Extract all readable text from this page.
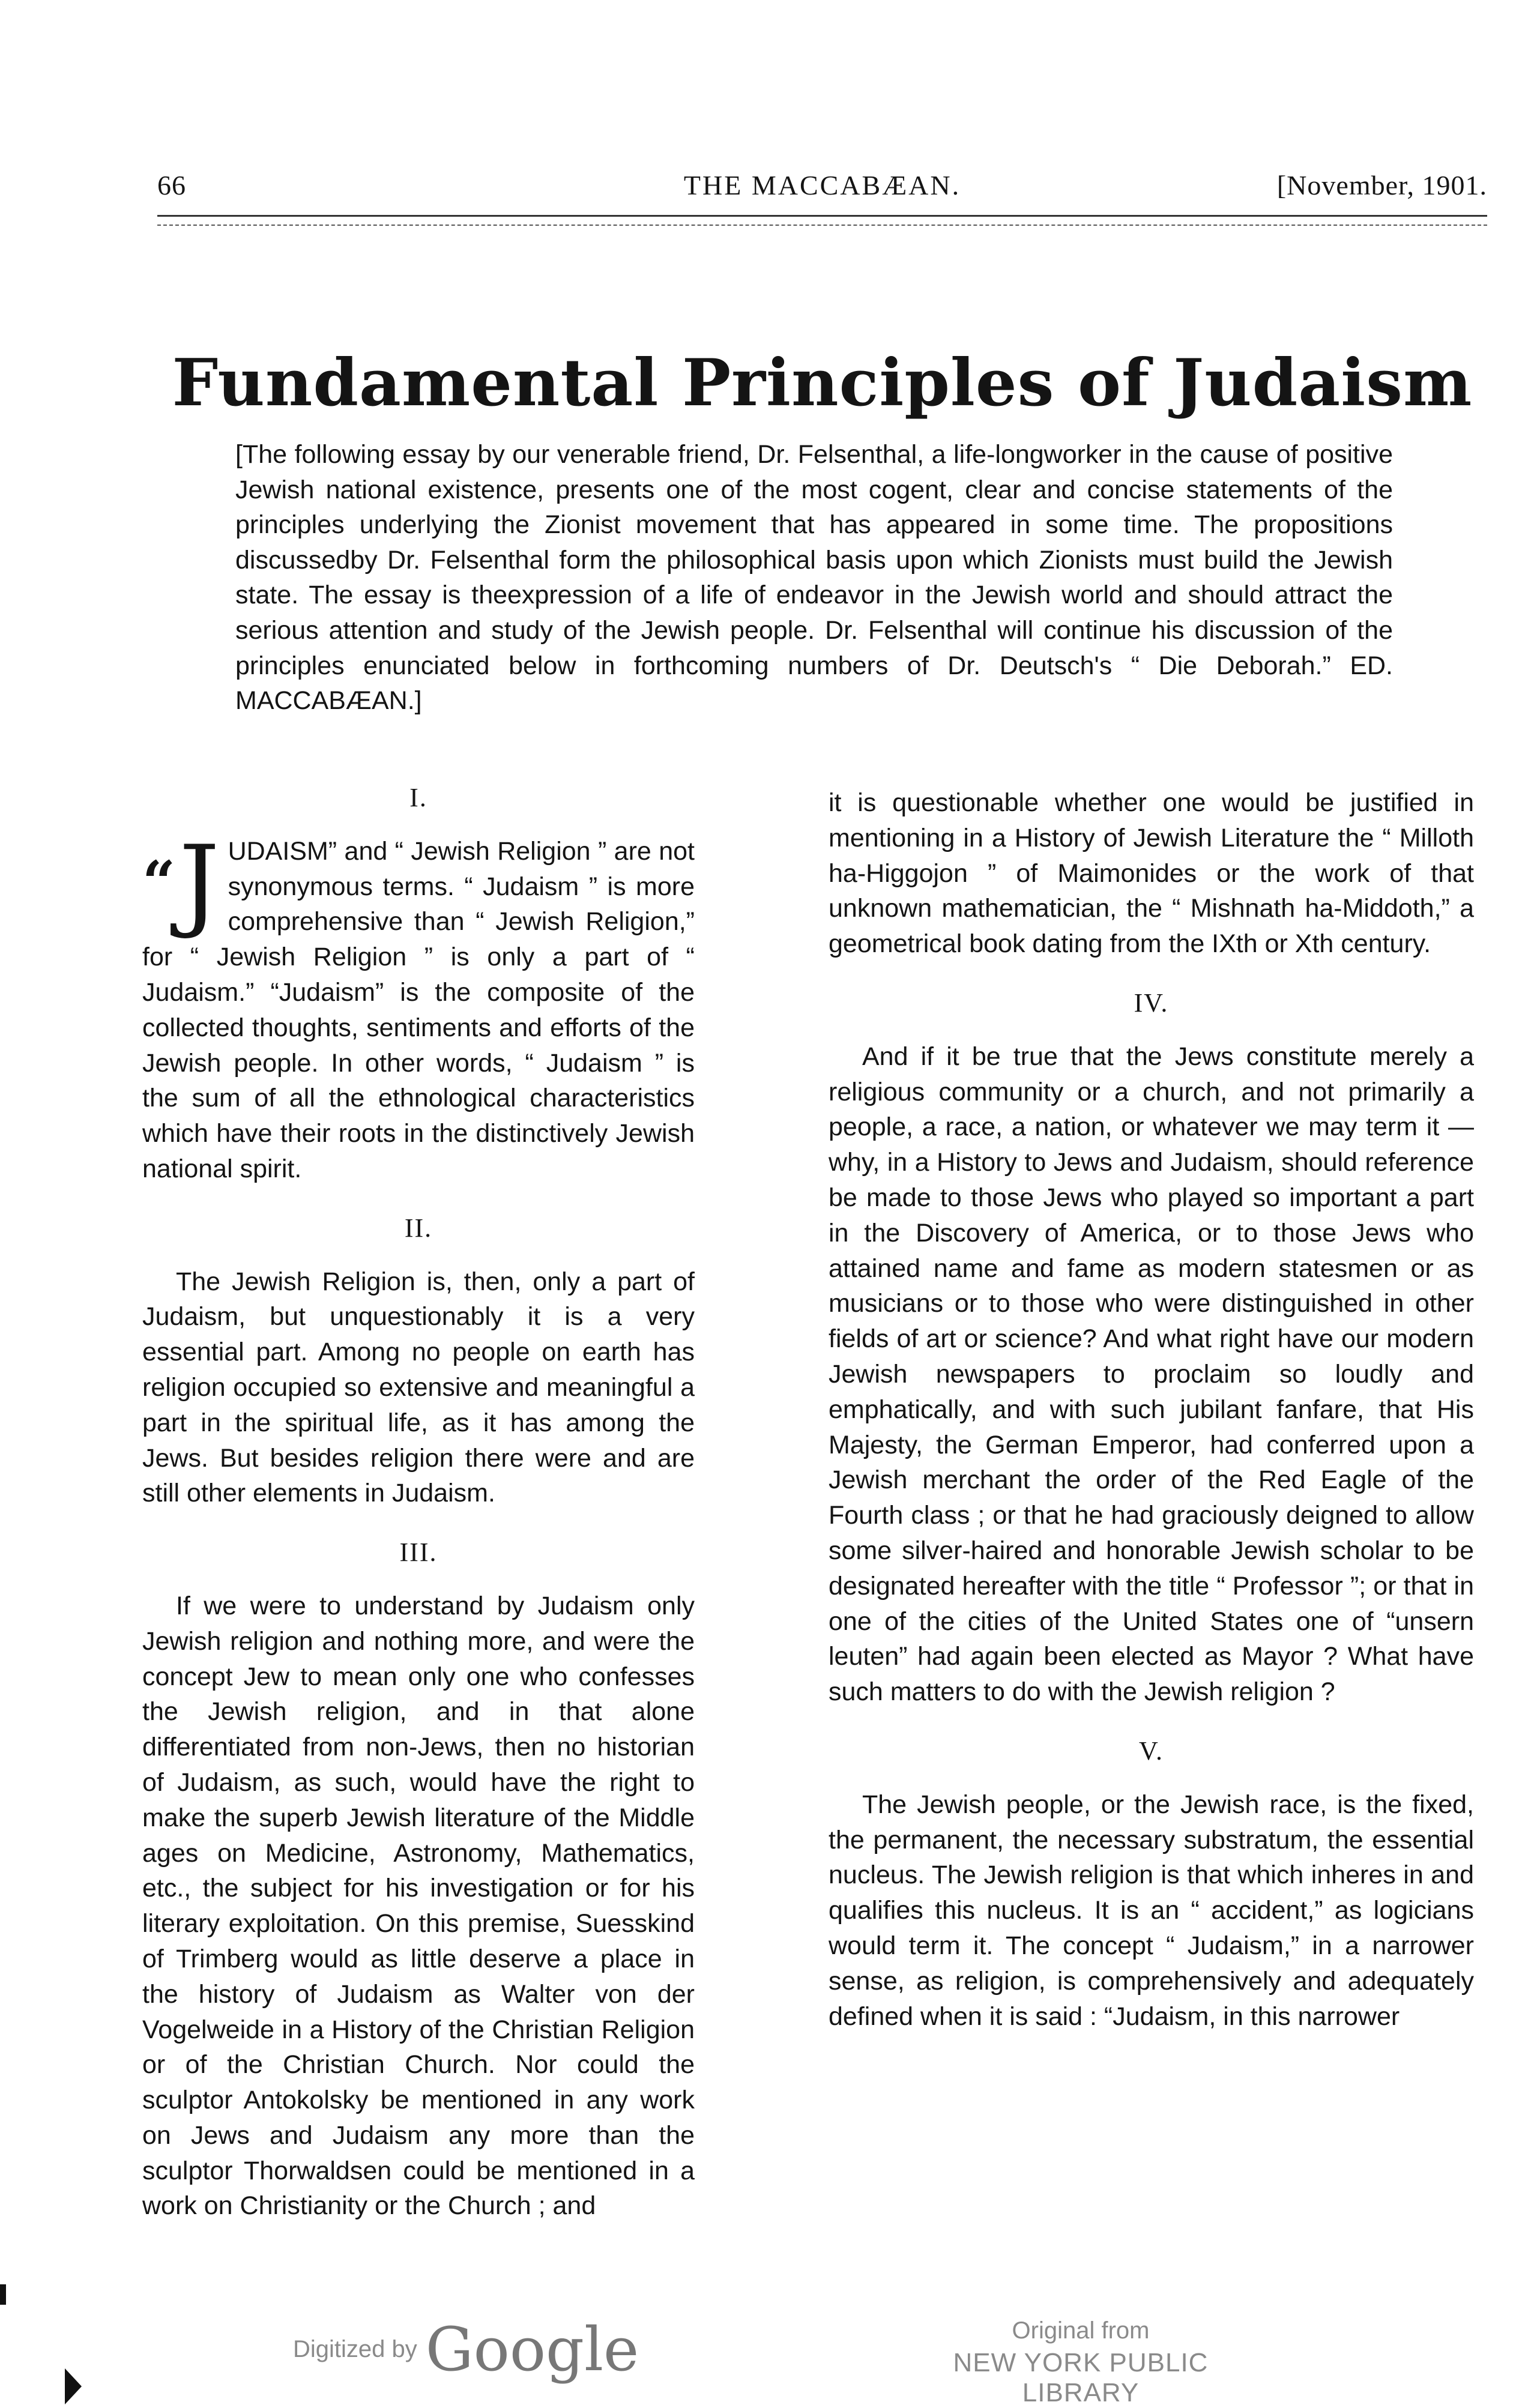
66	THE MACCABÆAN.	[November, 1901.
Fundamental Principles of Judaism
[The following essay by our venerable friend, Dr. Felsenthal, a life-longworker in the cause of positive Jewish national existence, presents one of the most cogent, clear and concise statements of the principles underlying the Zionist movement that has appeared in some time. The propositions discussedby Dr. Felsenthal form the philosophical basis upon which Zionists must build the Jewish state. The essay is theexpression of a life of endeavor in the Jewish world and should attract the serious attention and study of the Jewish people. Dr. Felsenthal will continue his discussion of the principles enunciated below in forthcoming numbers of Dr. Deutsch's “ Die Deborah.” ED. MACCABÆAN.]
I.
“J UDAISM” and “ Jewish Religion ” are not synonymous terms. “ Judaism ” is more comprehensive than “ Jewish Religion,” for “ Jewish Religion ” is only a part of “ Judaism.” “Judaism” is the composite of the collected thoughts, sentiments and efforts of the Jewish people. In other words, “ Judaism ” is the sum of all the ethnological characteristics which have their roots in the distinctively Jewish national spirit.
II.
The Jewish Religion is, then, only a part of Judaism, but unquestionably it is a very essential part. Among no people on earth has religion occupied so extensive and meaningful a part in the spiritual life, as it has among the Jews. But besides religion there were and are still other elements in Judaism.
III.
If we were to understand by Judaism only Jewish religion and nothing more, and were the concept Jew to mean only one who confesses the Jewish religion, and in that alone differentiated from non-Jews, then no historian of Judaism, as such, would have the right to make the superb Jewish literature of the Middle ages on Medicine, Astronomy, Mathematics, etc., the subject for his investigation or for his literary exploitation. On this premise, Suesskind of Trimberg would as little deserve a place in the history of Judaism as Walter von der Vogelweide in a History of the Christian Religion or of the Christian Church. Nor could the sculptor Antokolsky be mentioned in any work on Jews and Judaism any more than the sculptor Thorwaldsen could be mentioned in a work on Christianity or the Church ; and
it is questionable whether one would be justified in mentioning in a History of Jewish Literature the “ Milloth ha-Higgojon ” of Maimonides or the work of that unknown mathematician, the “ Mishnath ha-Middoth,” a geometrical book dating from the IXth or Xth century.
IV.
And if it be true that the Jews constitute merely a religious community or a church, and not primarily a people, a race, a nation, or whatever we may term it — why, in a History to Jews and Judaism, should reference be made to those Jews who played so important a part in the Discovery of America, or to those Jews who attained name and fame as modern statesmen or as musicians or to those who were distinguished in other fields of art or science? And what right have our modern Jewish newspapers to proclaim so loudly and emphatically, and with such jubilant fanfare, that His Majesty, the German Emperor, had conferred upon a Jewish merchant the order of the Red Eagle of the Fourth class ; or that he had graciously deigned to allow some silver-haired and honorable Jewish scholar to be designated hereafter with the title “ Professor ”; or that in one of the cities of the United States one of “unsern leuten” had again been elected as Mayor ? What have such matters to do with the Jewish religion ?
V.
The Jewish people, or the Jewish race, is the fixed, the permanent, the necessary substratum, the essential nucleus. The Jewish religion is that which inheres in and qualifies this nucleus. It is an “ accident,” as logicians would term it. The concept “ Judaism,” in a narrower sense, as religion, is comprehensively and adequately defined when it is said : “Judaism, in this narrower
Digitized by Google	Original from
NEW YORK PUBLIC LIBRARY
